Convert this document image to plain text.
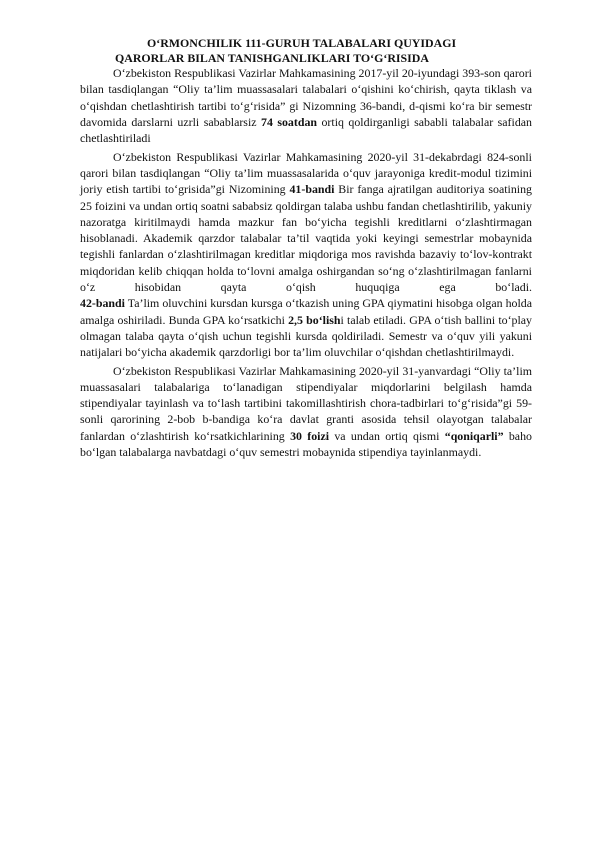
O‘RMONCHILIK 111-GURUH TALABALARI QUYIDAGI
QARORLAR BILAN TANISHGANLIKLARI TO‘G‘RISIDA

O‘zbekiston Respublikasi Vazirlar Mahkamasining 2017-yil 20-iyundagi 393-son qarori bilan tasdiqlangan “Oliy ta’lim muassasalari talabalari o‘qishini ko‘chirish, qayta tiklash va o‘qishdan chetlashtirish tartibi to‘g‘risida” gi Nizomning 36-bandi, d-qismi ko‘ra bir semestr davomida darslarni uzrli sabablarsiz 74 soatdan ortiq qoldirganligi sababli talabalar safidan chetlashtiriladi

O‘zbekiston Respublikasi Vazirlar Mahkamasining 2020-yil 31-dekabrdagi 824-sonli qarori bilan tasdiqlangan “Oliy ta’lim muassasalarida o‘quv jarayoniga kredit-modul tizimini joriy etish tartibi to‘grisida”gi Nizomining 41-bandi Bir fanga ajratilgan auditoriya soatining 25 foizini va undan ortiq soatni sababsiz qoldirgan talaba ushbu fandan chetlashtirilib, yakuniy nazoratga kiritilmaydi hamda mazkur fan bo‘yicha tegishli kreditlarni o‘zlashtirmagan hisoblanadi. Akademik qarzdor talabalar ta’til vaqtida yoki keyingi semestrlar mobaynida tegishli fanlardan o‘zlashtirilmagan kreditlar miqdoriga mos ravishda bazaviy to‘lov-kontrakt miqdoridan kelib chiqqan holda to‘lovni amalga oshirgandan so‘ng o‘zlashtirilmagan fanlarni o‘z hisobidan qayta o‘qish huquqiga ega bo‘ladi.

42-bandi Ta’lim oluvchini kursdan kursga o‘tkazish uning GPA qiymatini hisobga olgan holda amalga oshiriladi. Bunda GPA ko‘rsatkichi 2,5 bo‘lishi talab etiladi. GPA o‘tish ballini to‘play olmagan talaba qayta o‘qish uchun tegishli kursda qoldiriladi. Semestr va o‘quv yili yakuni natijalari bo‘yicha akademik qarzdorligi bor ta’lim oluvchilar o‘qishdan chetlashtirilmaydi.

O‘zbekiston Respublikasi Vazirlar Mahkamasining 2020-yil 31-yanvardagi “Oliy ta’lim muassasalari talabalariga to‘lanadigan stipendiyalar miqdorlarini belgilash hamda stipendiyalar tayinlash va to‘lash tartibini takomillashtirish chora-tadbirlari to‘g‘risida”gi 59-sonli qarorining 2-bob b-bandiga ko‘ra davlat granti asosida tehsil olayotgan talabalar fanlardan o‘zlashtirish ko‘rsatkichlarining 30 foizi va undan ortiq qismi “qoniqarli” baho bo‘lgan talabalarga navbatdagi o‘quv semestri mobaynida stipendiya tayinlanmaydi.
